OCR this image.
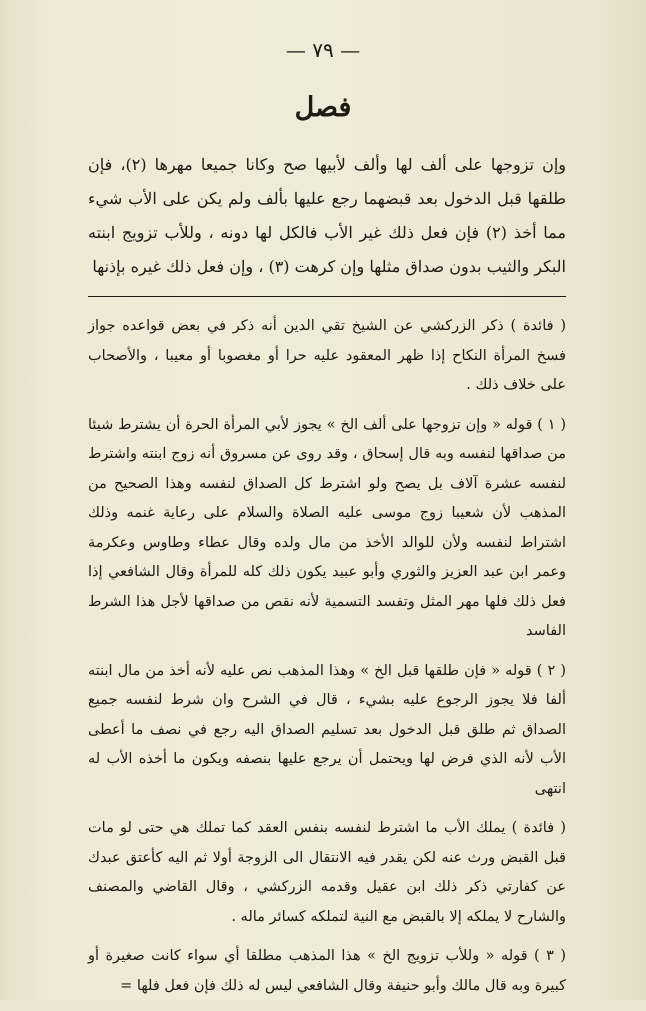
— ٧٩ —
فصل

وإن تزوجها على ألف لها وألف لأبيها صح وكانا جميعا مهرها (٢)، فإن طلقها قبل الدخول بعد قبضهما رجع عليها بألف ولم يكن على الأب شيء مما أخذ (٢) فإن فعل ذلك غير الأب فالكل لها دونه ، وللأب تزويج ابنته البكر والثيب بدون صداق مثلها وإن كرهت (٣) ، وإن فعل ذلك غيره بإذنها

( فائدة ) ذكر الزركشي عن الشيخ تقي الدين أنه ذكر في بعض قواعده جواز فسخ المرأة النكاح إذا ظهر المعقود عليه حرا أو مغصوبا أو معيبا ، والأصحاب على خلاف ذلك .

( ١ ) قوله « وإن تزوجها على ألف الخ » يجوز لأبي المرأة الحرة أن يشترط شيئا من صداقها لنفسه وبه قال إسحاق ، وقد روى عن مسروق أنه زوج ابنته واشترط لنفسه عشرة آلاف بل يصح ولو اشترط كل الصداق لنفسه وهذا الصحيح من المذهب لأن شعيبا زوج موسى عليه الصلاة والسلام على رعاية غنمه وذلك اشتراط لنفسه ولأن للوالد الأخذ من مال ولده وقال عطاء وطاوس وعكرمة وعمر ابن عبد العزيز والثوري وأبو عبيد يكون ذلك كله للمرأة وقال الشافعي إذا فعل ذلك فلها مهر المثل وتفسد التسمية لأنه نقص من صداقها لأجل هذا الشرط الفاسد

( ٢ ) قوله « فإن طلقها قبل الخ » وهذا المذهب نص عليه لأنه أخذ من مال ابنته ألفا فلا يجوز الرجوع عليه بشيء ، قال في الشرح وان شرط لنفسه جميع الصداق ثم طلق قبل الدخول بعد تسليم الصداق اليه رجع في نصف ما أعطى الأب لأنه الذي فرض لها ويحتمل أن يرجع عليها بنصفه ويكون ما أخذه الأب له انتهى

( فائدة ) يملك الأب ما اشترط لنفسه بنفس العقد كما تملك هي حتى لو مات قبل القبض ورث عنه لكن يقدر فيه الانتقال الى الزوجة أولا ثم اليه كأعتق عبدك عن كفارتي ذكر ذلك ابن عقيل وقدمه الزركشي ، وقال القاضي والمصنف والشارح لا يملكه إلا بالقبض مع النية لتملكه كسائر ماله .

( ٣ ) قوله « وللأب تزويج الخ » هذا المذهب مطلقا أي سواء كانت صغيرة أو كبيرة وبه قال مالك وأبو حنيفة وقال الشافعي ليس له ذلك فإن فعل فلها =
